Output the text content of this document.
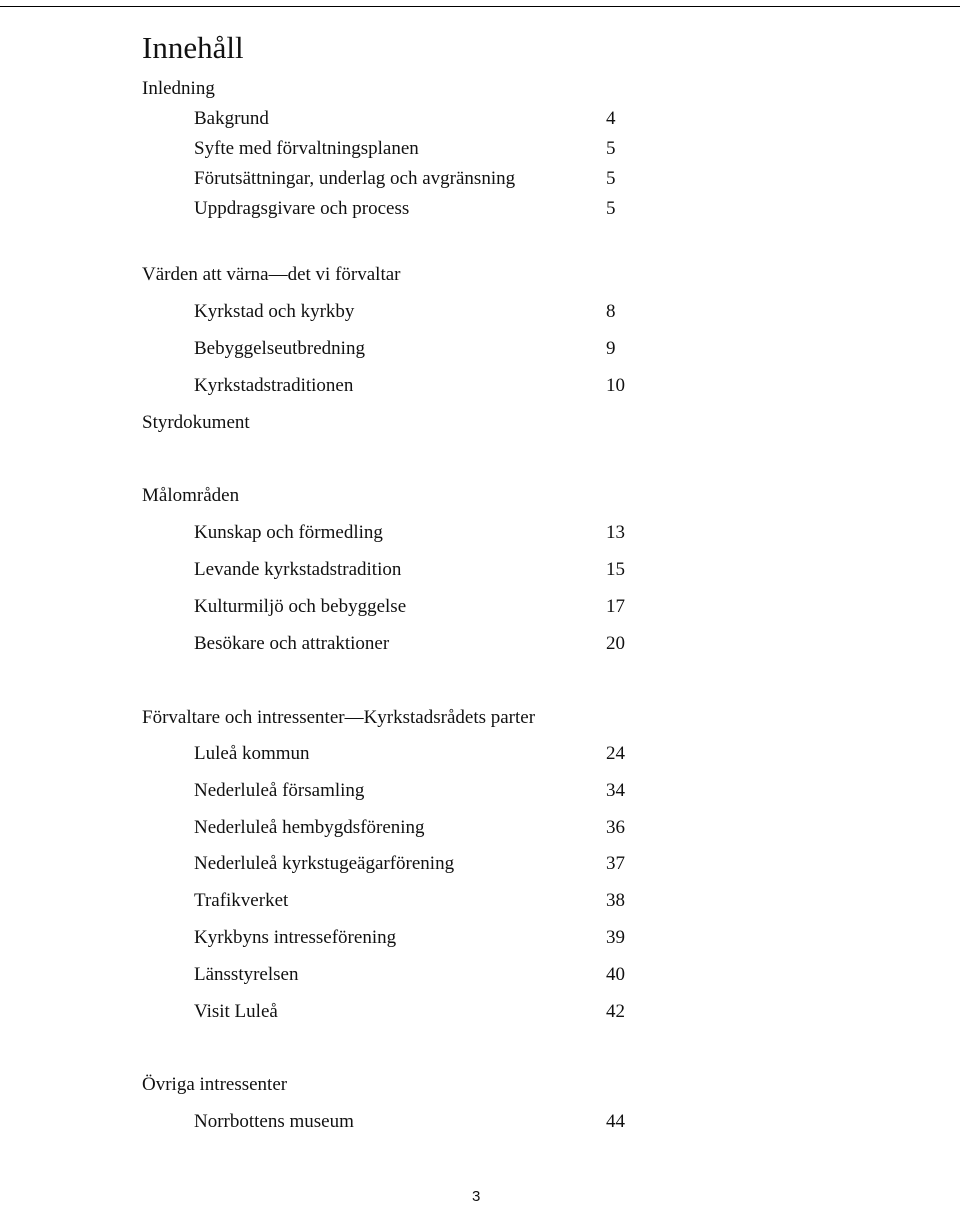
Innehåll
Inledning
Bakgrund	4
Syfte med förvaltningsplanen	5
Förutsättningar, underlag och avgränsning	5
Uppdragsgivare och process	5
Värden att värna—det vi förvaltar
Kyrkstad och kyrkby	8
Bebyggelseutbredning	9
Kyrkstadstraditionen	10
Styrdokument
Målområden
Kunskap och förmedling	13
Levande kyrkstadstradition	15
Kulturmiljö och bebyggelse	17
Besökare och attraktioner	20
Förvaltare och intressenter—Kyrkstadsrådets parter
Luleå kommun	24
Nederluleå församling	34
Nederluleå hembygdsförening	36
Nederluleå kyrkstugeägarförening	37
Trafikverket	38
Kyrkbyns intresseförening	39
Länsstyrelsen	40
Visit Luleå	42
Övriga intressenter
Norrbottens museum	44
3
